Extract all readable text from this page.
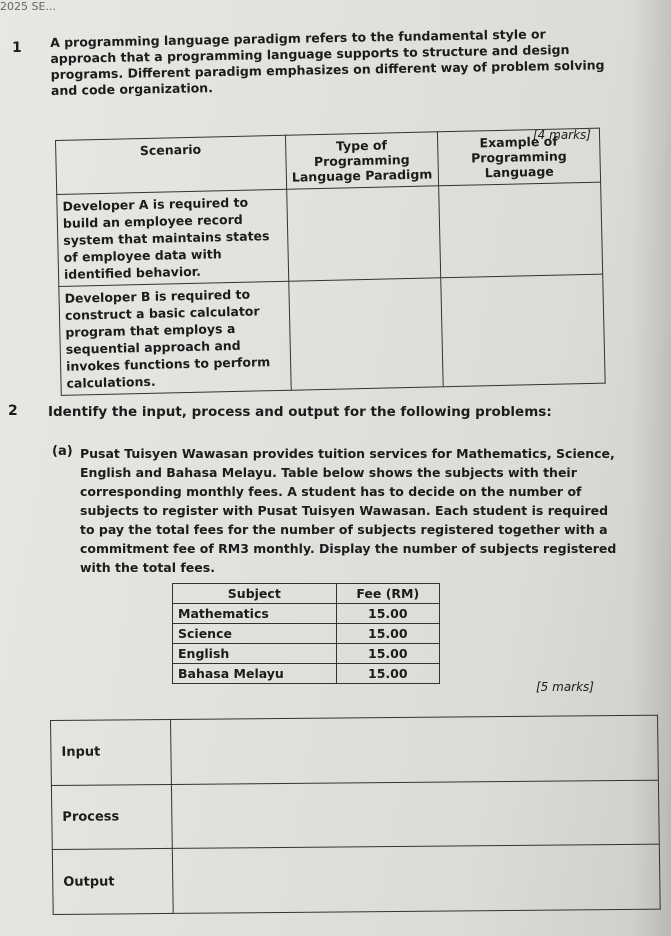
2025 SE...
1 A programming language paradigm refers to the fundamental style or approach that a programming language supports to structure and design programs. Different paradigm emphasizes on different way of problem solving and code organization.
[4 marks]
Scenario	Type of Programming Language Paradigm	Example of Programming Language
Developer A is required to build an employee record system that maintains states of employee data with identified behavior.		
Developer B is required to construct a basic calculator program that employs a sequential approach and invokes functions to perform calculations.		
2 Identify the input, process and output for the following problems:
(a) Pusat Tuisyen Wawasan provides tuition services for Mathematics, Science, English and Bahasa Melayu. Table below shows the subjects with their corresponding monthly fees. A student has to decide on the number of subjects to register with Pusat Tuisyen Wawasan. Each student is required to pay the total fees for the number of subjects registered together with a commitment fee of RM3 monthly. Display the number of subjects registered with the total fees.
Subject	Fee (RM)
Mathematics	15.00
Science	15.00
English	15.00
Bahasa Melayu	15.00
[5 marks]
Input	
Process	
Output	
